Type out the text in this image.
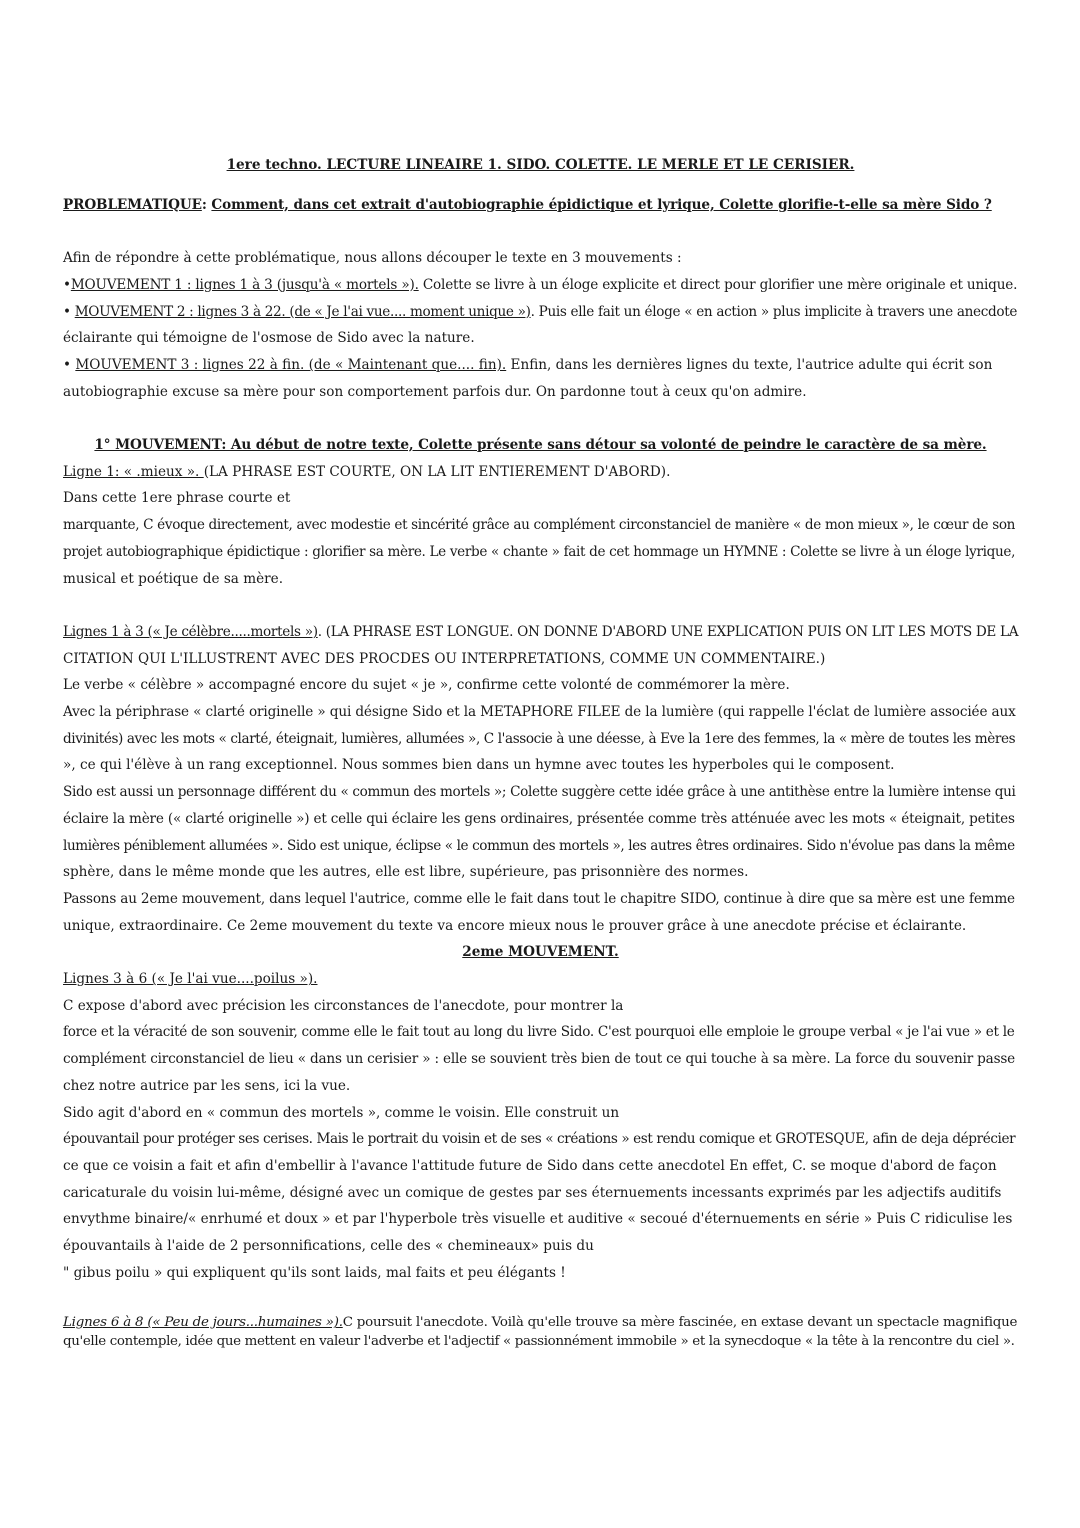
1ere techno. LECTURE LINEAIRE 1. SIDO. COLETTE. LE MERLE ET LE CERISIER.
PROBLEMATIQUE: Comment, dans cet extrait d'autobiographie épidictique et lyrique, Colette glorifie-t-elle sa mère Sido ?
Afin de répondre à cette problématique, nous allons découper le texte en 3 mouvements :
•MOUVEMENT 1 : lignes 1 à 3 (jusqu'à « mortels »). Colette se livre à un éloge explicite et direct pour glorifier une mère originale et unique.
• MOUVEMENT 2 : lignes 3 à 22. (de « Je l'ai vue.... moment unique »). Puis elle fait un éloge « en action » plus implicite à travers une anecdote
éclairante qui témoigne de l'osmose de Sido avec la nature.
• MOUVEMENT 3 : lignes 22 à fin. (de « Maintenant que.... fin). Enfin, dans les dernières lignes du texte, l'autrice adulte qui écrit son
autobiographie excuse sa mère pour son comportement parfois dur. On pardonne tout à ceux qu'on admire.
1° MOUVEMENT: Au début de notre texte, Colette présente sans détour sa volonté de peindre le caractère de sa mère.
Ligne 1: « .mieux ». (LA PHRASE EST COURTE, ON LA LIT ENTIEREMENT D'ABORD).
Dans cette 1ere phrase courte et
marquante, C évoque directement, avec modestie et sincérité grâce au complément circonstanciel de manière « de mon mieux », le cœur de son
projet autobiographique épidictique : glorifier sa mère. Le verbe « chante » fait de cet hommage un HYMNE : Colette se livre à un éloge lyrique,
musical et poétique de sa mère.
Lignes 1 à 3 (« Je célèbre.....mortels »). (LA PHRASE EST LONGUE. ON DONNE D'ABORD UNE EXPLICATION PUIS ON LIT LES MOTS DE LA
CITATION QUI L'ILLUSTRENT AVEC DES PROCDES OU INTERPRETATIONS, COMME UN COMMENTAIRE.)
Le verbe « célèbre » accompagné encore du sujet « je », confirme cette volonté de commémorer la mère.
Avec la périphrase « clarté originelle » qui désigne Sido et la METAPHORE FILEE de la lumière (qui rappelle l'éclat de lumière associée aux
divinités) avec les mots « clarté, éteignait, lumières, allumées », C l'associe à une déesse, à Eve la 1ere des femmes, la « mère de toutes les mères
», ce qui l'élève à un rang exceptionnel. Nous sommes bien dans un hymne avec toutes les hyperboles qui le composent.
Sido est aussi un personnage différent du « commun des mortels »; Colette suggère cette idée grâce à une antithèse entre la lumière intense qui
éclaire la mère (« clarté originelle ») et celle qui éclaire les gens ordinaires, présentée comme très atténuée avec les mots « éteignait, petites
lumières péniblement allumées ». Sido est unique, éclipse « le commun des mortels », les autres êtres ordinaires. Sido n'évolue pas dans la même
sphère, dans le même monde que les autres, elle est libre, supérieure, pas prisonnière des normes.
Passons au 2eme mouvement, dans lequel l'autrice, comme elle le fait dans tout le chapitre SIDO, continue à dire que sa mère est une femme
unique, extraordinaire. Ce 2eme mouvement du texte va encore mieux nous le prouver grâce à une anecdote précise et éclairante.
2eme MOUVEMENT.
Lignes 3 à 6 (« Je l'ai vue....poilus »).
C expose d'abord avec précision les circonstances de l'anecdote, pour montrer la
force et la véracité de son souvenir, comme elle le fait tout au long du livre Sido. C'est pourquoi elle emploie le groupe verbal « je l'ai vue » et le
complément circonstanciel de lieu « dans un cerisier » : elle se souvient très bien de tout ce qui touche à sa mère. La force du souvenir passe
chez notre autrice par les sens, ici la vue.
Sido agit d'abord en « commun des mortels », comme le voisin. Elle construit un
épouvantail pour protéger ses cerises. Mais le portrait du voisin et de ses « créations » est rendu comique et GROTESQUE, afin de deja déprécier
ce que ce voisin a fait et afin d'embellir à l'avance l'attitude future de Sido dans cette anecdotel En effet, C. se moque d'abord de façon
caricaturale du voisin lui-même, désigné avec un comique de gestes par ses éternuements incessants exprimés par les adjectifs auditifs
envythme binaire/« enrhumé et doux » et par l'hyperbole très visuelle et auditive « secoué d'éternuements en série » Puis C ridiculise les
épouvantails à l'aide de 2 personnifications, celle des « chemineaux» puis du
" gibus poilu » qui expliquent qu'ils sont laids, mal faits et peu élégants !
Lignes 6 à 8 (« Peu de jours...humaines »).C poursuit l'anecdote. Voilà qu'elle trouve sa mère fascinée, en extase devant un spectacle magnifique
qu'elle contemple, idée que mettent en valeur l'adverbe et l'adjectif « passionnément immobile » et la synecdoque « la tête à la rencontre du ciel ».
